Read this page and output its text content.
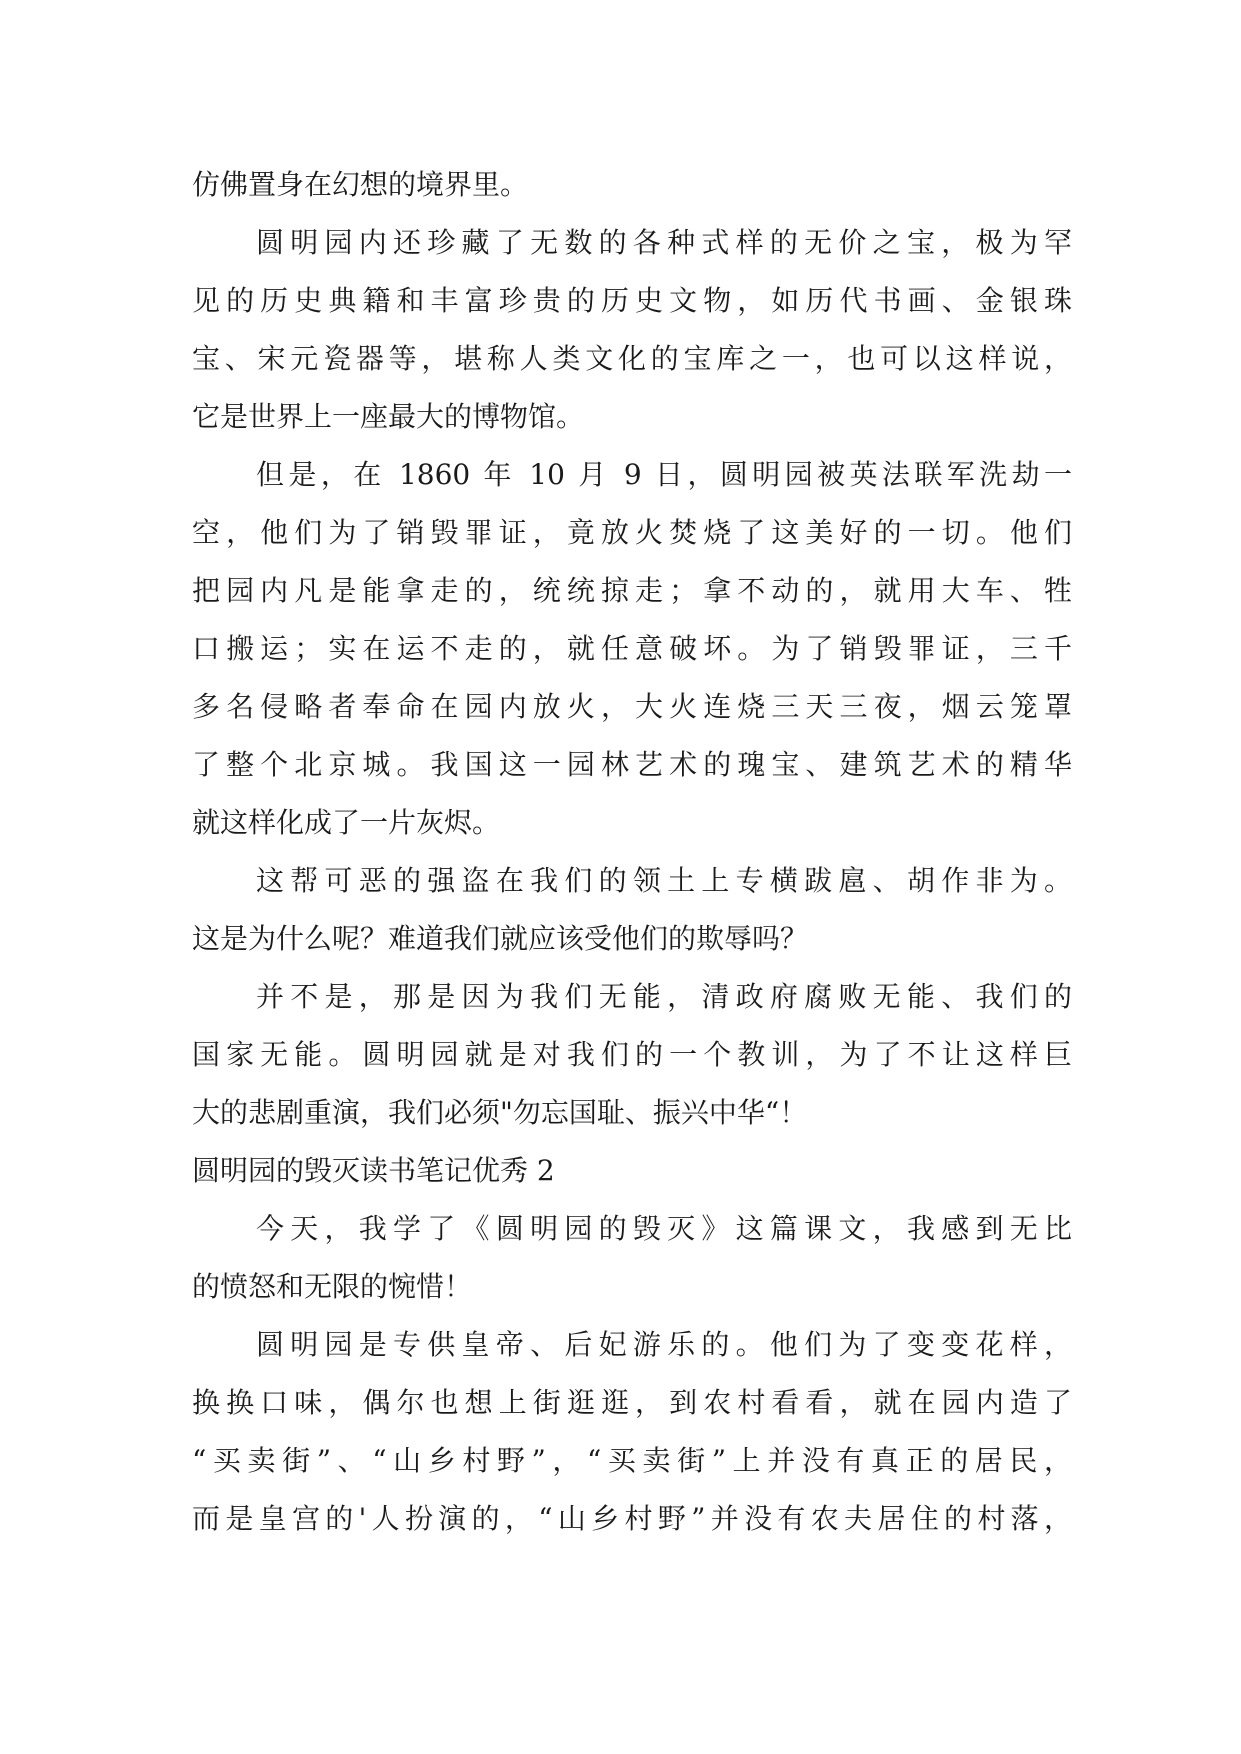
仿佛置身在幻想的境界里。
圆明园内还珍藏了无数的各种式样的无价之宝，极为罕
见的历史典籍和丰富珍贵的历史文物，如历代书画、金银珠
宝、宋元瓷器等，堪称人类文化的宝库之一，也可以这样说，
它是世界上一座最大的博物馆。
但是，在 1860 年 10 月 9 日，圆明园被英法联军洗劫一
空，他们为了销毁罪证，竟放火焚烧了这美好的一切。他们
把园内凡是能拿走的，统统掠走；拿不动的，就用大车、牲
口搬运；实在运不走的，就任意破坏。为了销毁罪证，三千
多名侵略者奉命在园内放火，大火连烧三天三夜，烟云笼罩
了整个北京城。我国这一园林艺术的瑰宝、建筑艺术的精华
就这样化成了一片灰烬。
这帮可恶的强盗在我们的领土上专横跋扈、胡作非为。
这是为什么呢？难道我们就应该受他们的欺辱吗？
并不是，那是因为我们无能，清政府腐败无能、我们的
国家无能。圆明园就是对我们的一个教训，为了不让这样巨
大的悲剧重演，我们必须"勿忘国耻、振兴中华“！
圆明园的毁灭读书笔记优秀 2
今天，我学了《圆明园的毁灭》这篇课文，我感到无比
的愤怒和无限的惋惜！
圆明园是专供皇帝、后妃游乐的。他们为了变变花样，
换换口味，偶尔也想上街逛逛，到农村看看，就在园内造了
“买卖街”、“山乡村野”，“买卖街”上并没有真正的居民，
而是皇宫的'人扮演的，“山乡村野”并没有农夫居住的村落，
